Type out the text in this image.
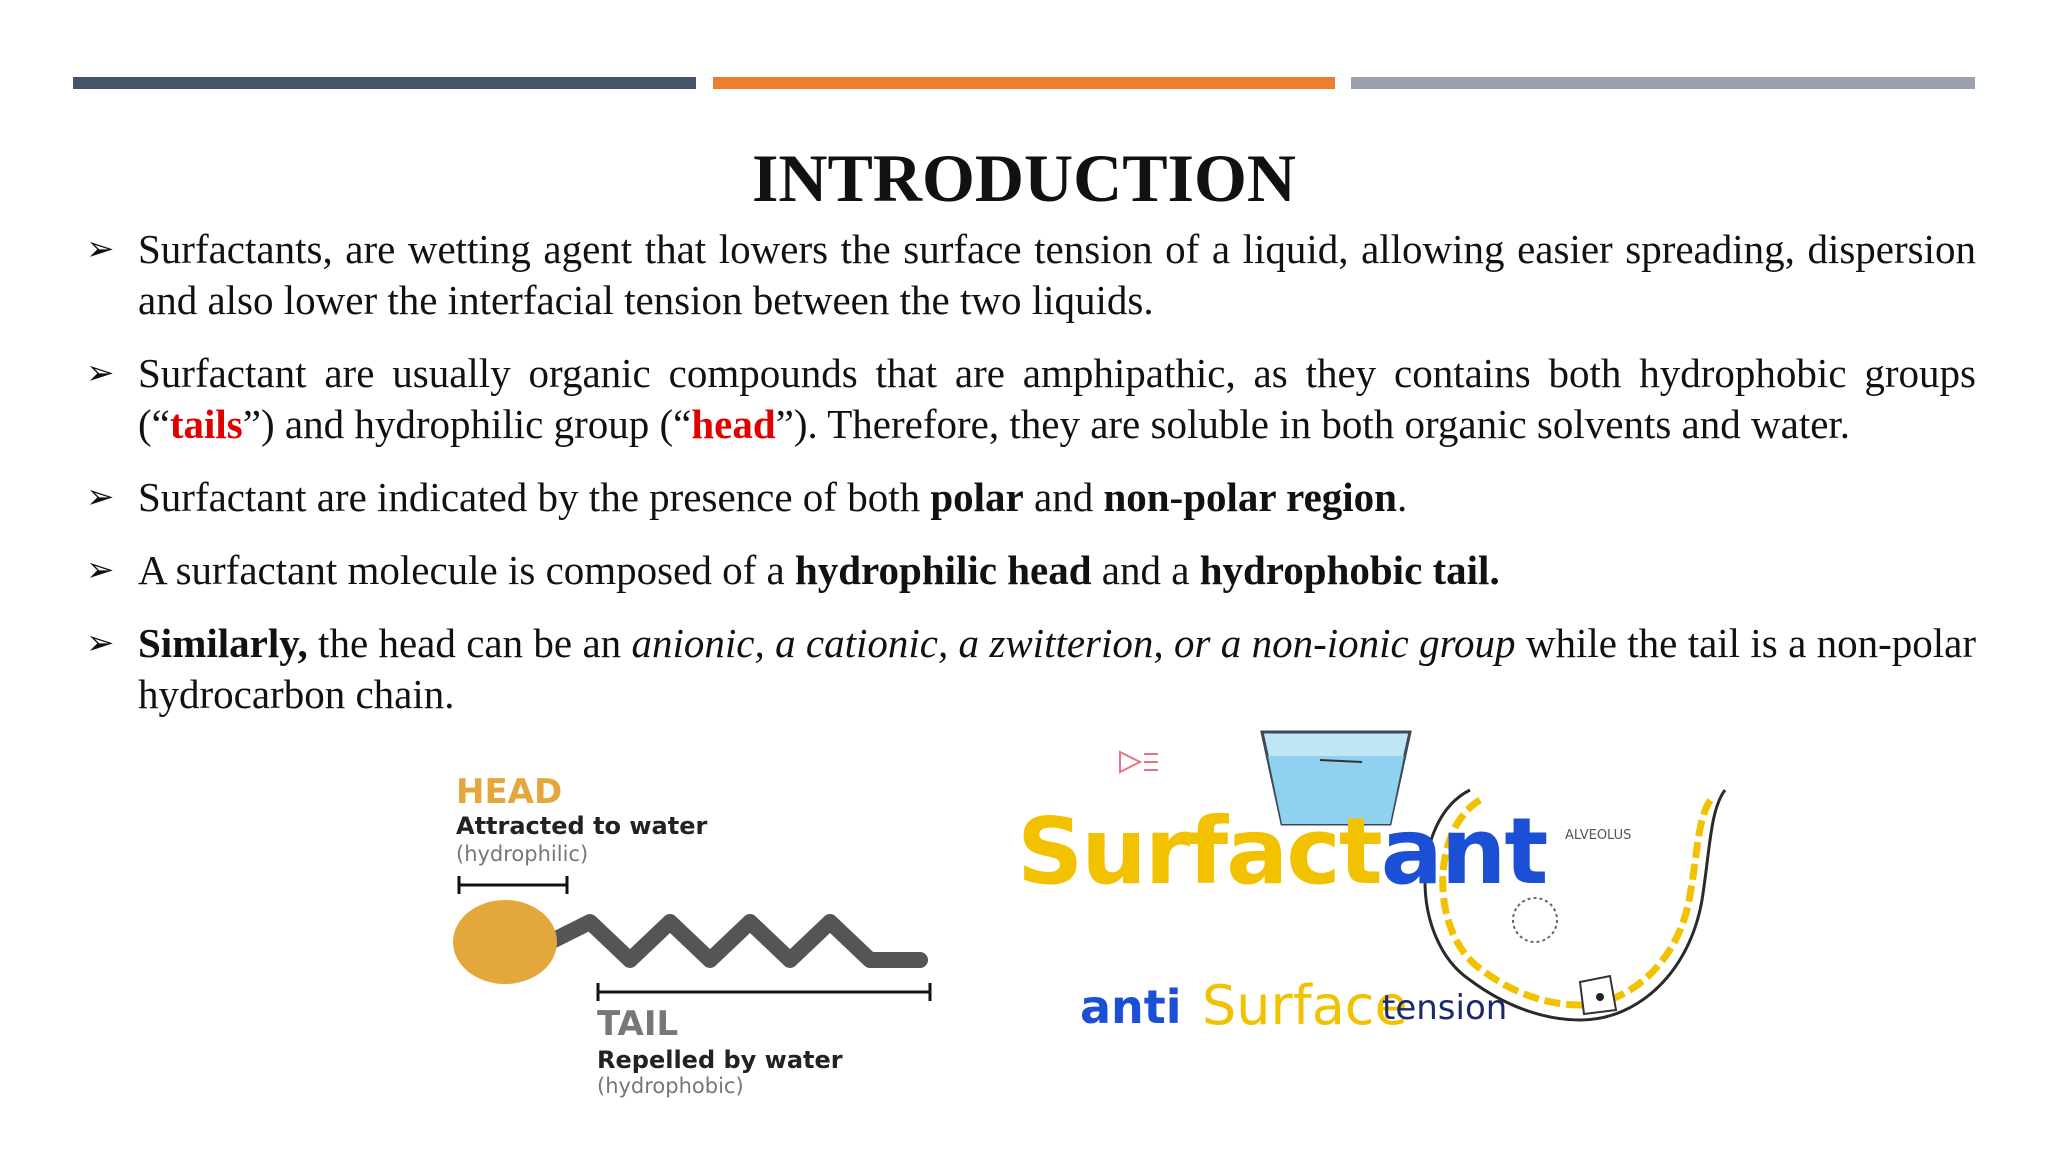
INTRODUCTION
➢ Surfactants, are wetting agent that lowers the surface tension of a liquid, allowing easier spreading, dispersion and also lower the interfacial tension between the two liquids.
➢ Surfactant are usually organic compounds that are amphipathic, as they contains both hydrophobic groups (“tails”) and hydrophilic group (“head”). Therefore, they are soluble in both organic solvents and water.
➢ Surfactant are indicated by the presence of both polar and non-polar region.
➢ A surfactant molecule is composed of a hydrophilic head and a hydrophobic tail.
➢ Similarly, the head can be an anionic, a cationic, a zwitterion, or a non-ionic group while the tail is a non-polar hydrocarbon chain.
HEAD
Attracted to water
(hydrophilic)
TAIL
Repelled by water
(hydrophobic)
Surfactant
anti Surface
tension
ALVEOLUS
